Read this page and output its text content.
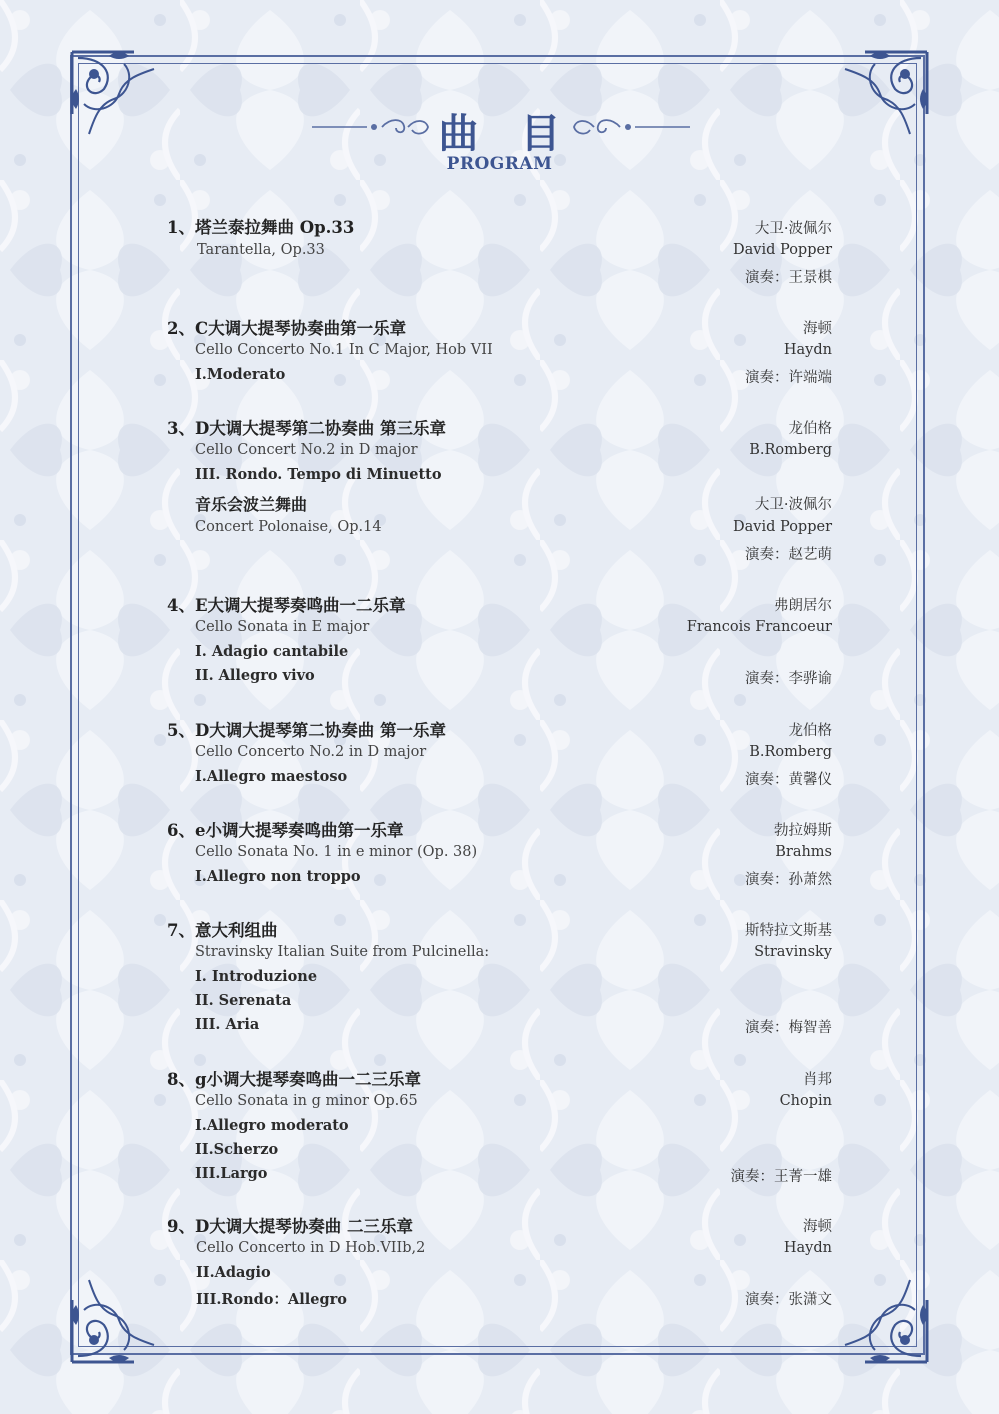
曲 目
PROGRAM
1、塔兰泰拉舞曲 Op.33	大卫·波佩尔
Tarantella, Op.33	David Popper
演奏：王景棋
2、C大调大提琴协奏曲第一乐章	海顿
Cello Concerto No.1 In C Major, Hob VII	Haydn
I.Moderato	演奏：许端端
3、D大调大提琴第二协奏曲 第三乐章	龙伯格
Cello Concert No.2 in D major	B.Romberg
III. Rondo. Tempo di Minuetto
音乐会波兰舞曲	大卫·波佩尔
Concert Polonaise, Op.14	David Popper
演奏：赵艺萌
4、E大调大提琴奏鸣曲一二乐章	弗朗居尔
Cello Sonata in E major	Francois Francoeur
I. Adagio cantabile
II. Allegro vivo	演奏：李骅谕
5、D大调大提琴第二协奏曲 第一乐章	龙伯格
Cello Concerto No.2 in D major	B.Romberg
I.Allegro maestoso	演奏：黄馨仪
6、e小调大提琴奏鸣曲第一乐章	勃拉姆斯
Cello Sonata No. 1 in e minor (Op. 38)	Brahms
I.Allegro non troppo	演奏：孙萧然
7、意大利组曲	斯特拉文斯基
Stravinsky Italian Suite from Pulcinella:	Stravinsky
I. Introduzione
II. Serenata
III. Aria	演奏：梅智善
8、g小调大提琴奏鸣曲一二三乐章	肖邦
Cello Sonata in g minor Op.65	Chopin
I.Allegro moderato
II.Scherzo
III.Largo	演奏：王菁一雄
9、D大调大提琴协奏曲 二三乐章	海顿
Cello Concerto in D Hob.VIIb,2	Haydn
II.Adagio
III.Rondo：Allegro	演奏：张潇文
